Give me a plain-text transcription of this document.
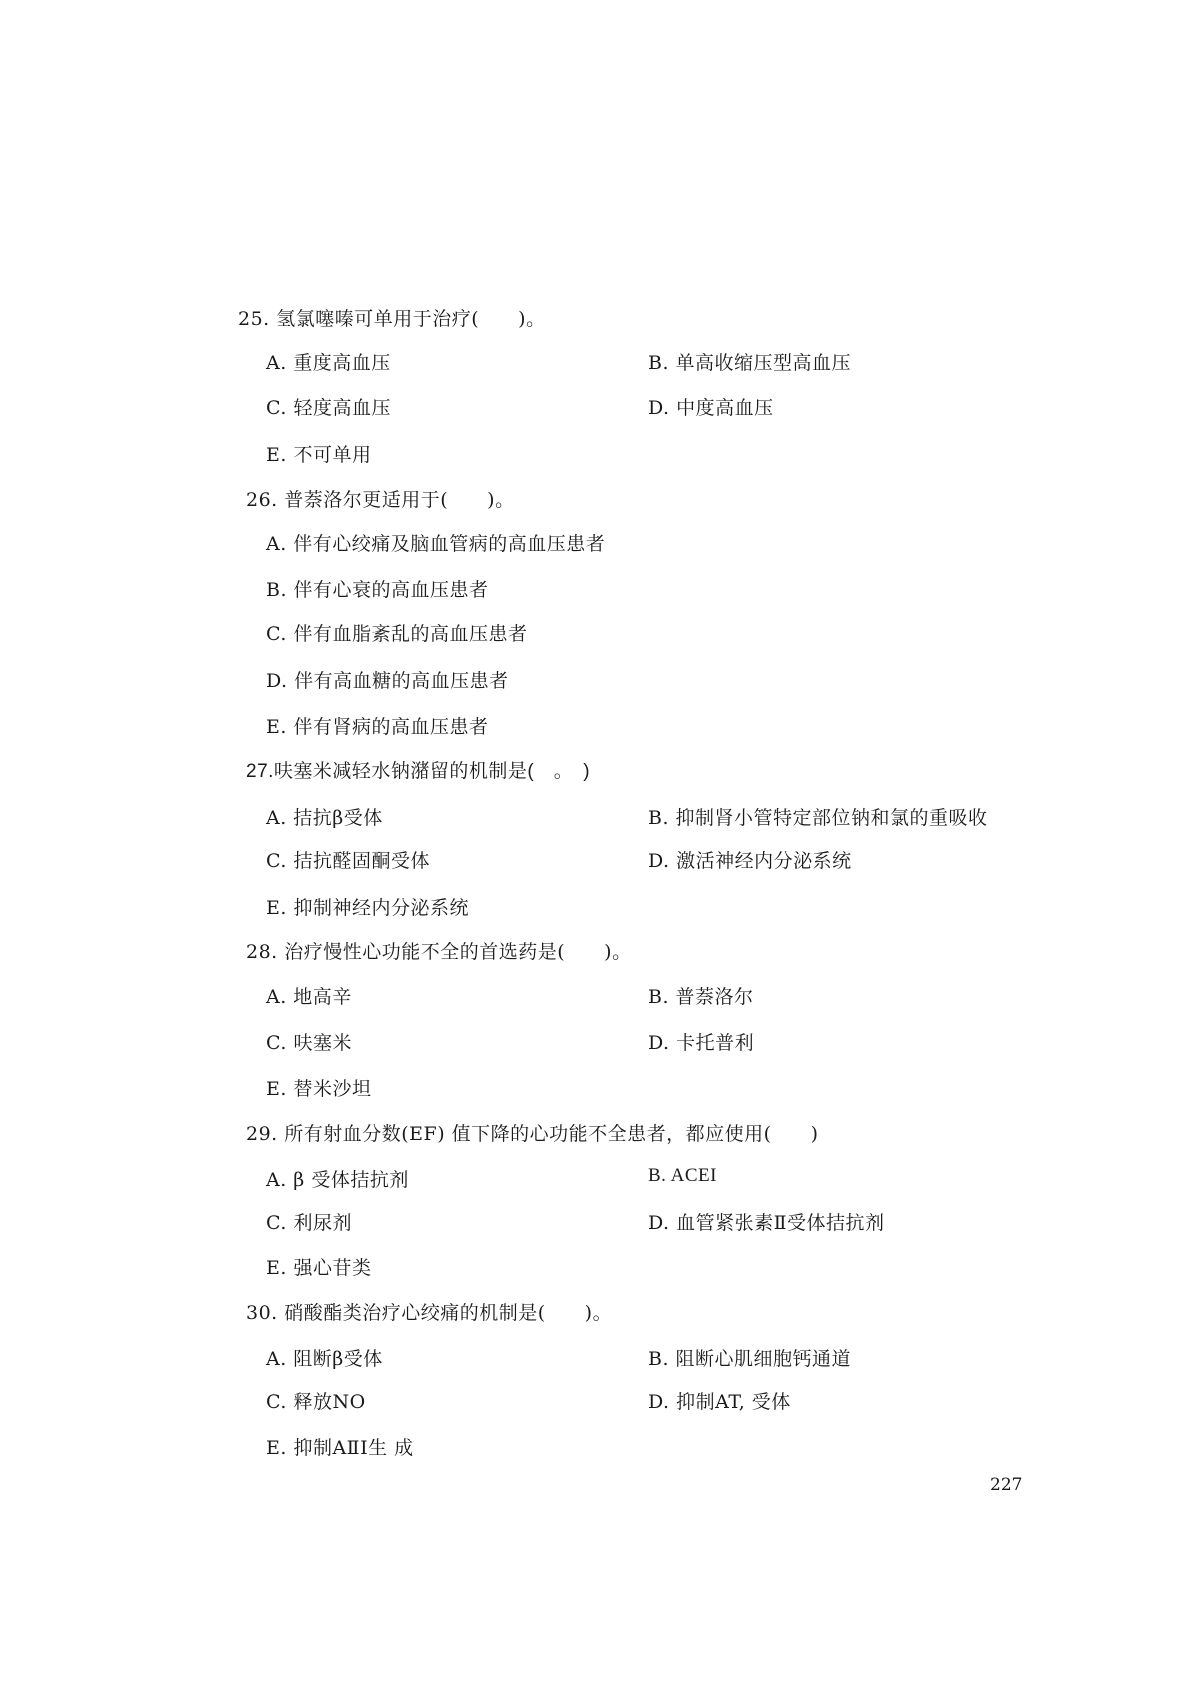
25. 氢氯噻嗪可单用于治疗(　　)。
A. 重度高血压	B. 单高收缩压型高血压
C. 轻度高血压	D. 中度高血压
E. 不可单用
26. 普萘洛尔更适用于(　　)。
A. 伴有心绞痛及脑血管病的高血压患者
B. 伴有心衰的高血压患者
C. 伴有血脂紊乱的高血压患者
D. 伴有高血糖的高血压患者
E. 伴有肾病的高血压患者
27.呋塞米减轻水钠潴留的机制是(　。　)
A. 拮抗β受体	B. 抑制肾小管特定部位钠和氯的重吸收
C. 拮抗醛固酮受体	D. 激活神经内分泌系统
E. 抑制神经内分泌系统
28. 治疗慢性心功能不全的首选药是(　　)。
A. 地高辛	B. 普萘洛尔
C. 呋塞米	D. 卡托普利
E. 替米沙坦
29. 所有射血分数(EF) 值下降的心功能不全患者，都应使用(　　)
A. β 受体拮抗剂	B. ACEI
C. 利尿剂	D. 血管紧张素Ⅱ受体拮抗剂
E. 强心苷类
30. 硝酸酯类治疗心绞痛的机制是(　　)。
A. 阻断β受体	B. 阻断心肌细胞钙通道
C. 释放NO	D. 抑制AT, 受体
E. 抑制AⅡI生 成
227
